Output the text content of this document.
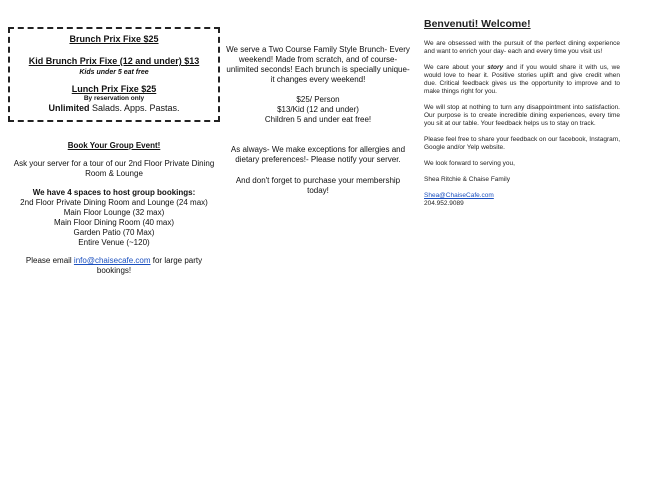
Brunch Prix Fixe $25

Kid Brunch Prix Fixe (12 and under) $13

Kids under 5 eat free

Lunch Prix Fixe $25

By reservation only

Unlimited Salads. Apps. Pastas.

Book Your Group Event!

Ask your server for a tour of our 2nd Floor Private Dining Room & Lounge

We have 4 spaces to host group bookings:

2nd Floor Private Dining Room and Lounge (24 max)

Main Floor Lounge (32 max)

Main Floor Dining Room (40 max)

Garden Patio (70 Max)

Entire Venue (~120)

Please email info@chaisecafe.com for large party bookings!

We serve a Two Course Family Style Brunch- Every weekend! Made from scratch, and of course- unlimited seconds! Each brunch is specially unique- it changes every weekend!

$25/ Person

$13/Kid (12 and under)

Children 5 and under eat free!

As always- We make exceptions for allergies and dietary preferences!- Please notify your server.

And don't forget to purchase your membership today!

Benvenuti! Welcome!

We are obsessed with the pursuit of the perfect dining experience and want to enrich your day- each and every time you visit us!

We care about your story and if you would share it with us, we would love to hear it. Positive stories uplift and give credit when due. Critical feedback gives us the opportunity to improve and to make things right for you.

We will stop at nothing to turn any disappointment into satisfaction. Our purpose is to create incredible dining experiences, every time you sit at our table. Your feedback helps us to stay on track.

Please feel free to share your feedback on our facebook, Instagram, Google and/or Yelp website.

We look forward to serving you,

Shea Ritchie & Chaise Family

Shea@ChaiseCafe.com

204.952.9089
